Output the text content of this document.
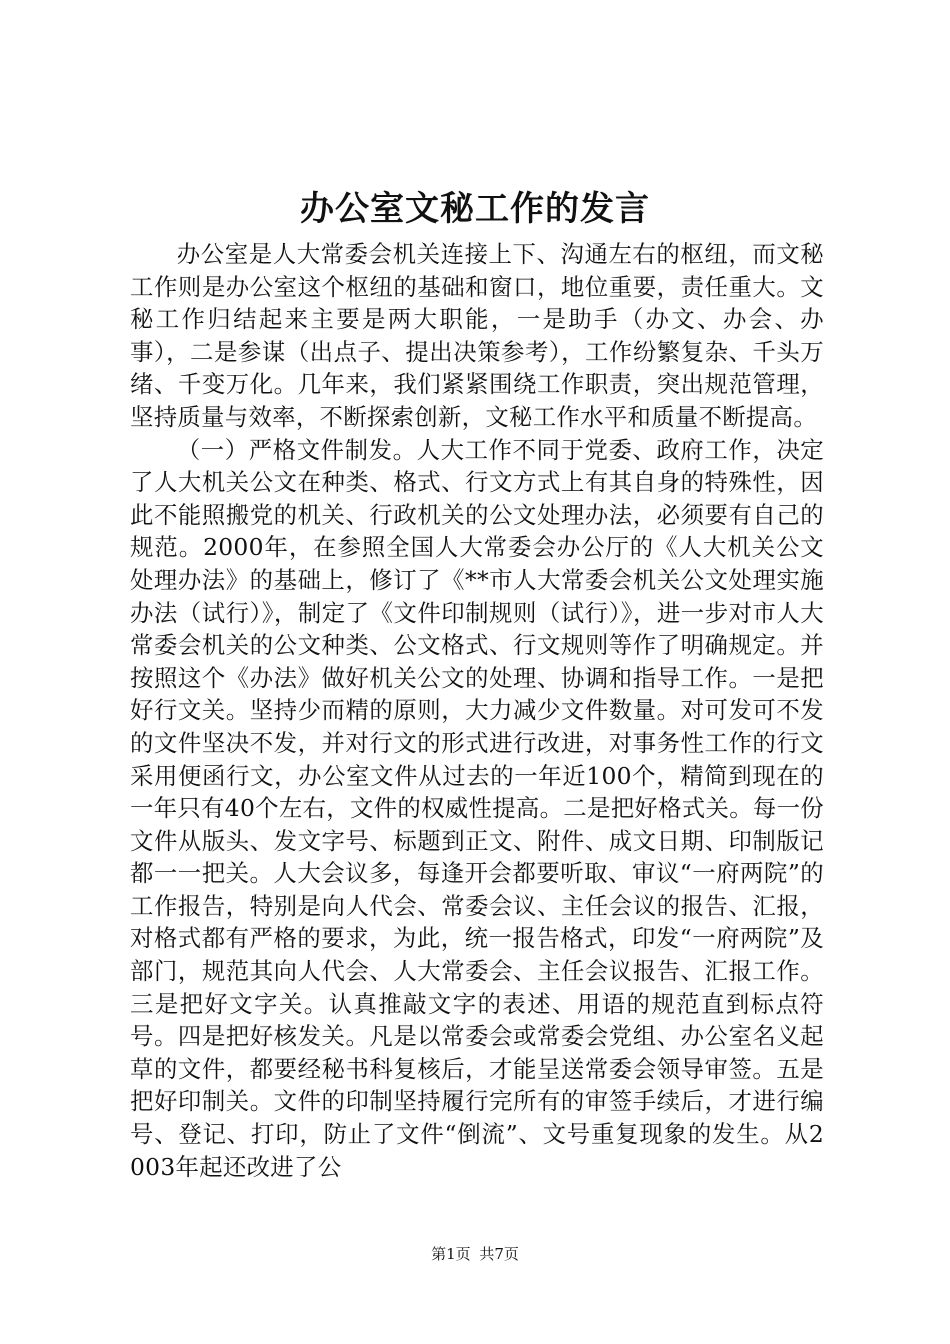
办公室文秘工作的发言

办公室是人大常委会机关连接上下、沟通左右的枢纽，而文秘工作则是办公室这个枢纽的基础和窗口，地位重要，责任重大。文秘工作归结起来主要是两大职能，一是助手（办文、办会、办事），二是参谋（出点子、提出决策参考），工作纷繁复杂、千头万绪、千变万化。几年来，我们紧紧围绕工作职责，突出规范管理，坚持质量与效率，不断探索创新，文秘工作水平和质量不断提高。

（一）严格文件制发。人大工作不同于党委、政府工作，决定了人大机关公文在种类、格式、行文方式上有其自身的特殊性，因此不能照搬党的机关、行政机关的公文处理办法，必须要有自己的规范。2000年，在参照全国人大常委会办公厅的《人大机关公文处理办法》的基础上，修订了《**市人大常委会机关公文处理实施办法（试行）》，制定了《文件印制规则（试行）》，进一步对市人大常委会机关的公文种类、公文格式、行文规则等作了明确规定。并按照这个《办法》做好机关公文的处理、协调和指导工作。一是把好行文关。坚持少而精的原则，大力减少文件数量。对可发可不发的文件坚决不发，并对行文的形式进行改进，对事务性工作的行文采用便函行文，办公室文件从过去的一年近100个，精简到现在的一年只有40个左右，文件的权威性提高。二是把好格式关。每一份文件从版头、发文字号、标题到正文、附件、成文日期、印制版记都一一把关。人大会议多，每逢开会都要听取、审议“一府两院”的工作报告，特别是向人代会、常委会议、主任会议的报告、汇报，对格式都有严格的要求，为此，统一报告格式，印发“一府两院”及部门，规范其向人代会、人大常委会、主任会议报告、汇报工作。三是把好文字关。认真推敲文字的表述、用语的规范直到标点符号。四是把好核发关。凡是以常委会或常委会党组、办公室名义起草的文件，都要经秘书科复核后，才能呈送常委会领导审签。五是把好印制关。文件的印制坚持履行完所有的审签手续后，才进行编号、登记、打印，防止了文件“倒流”、文号重复现象的发生。从2003年起还改进了公

第1页 共7页
